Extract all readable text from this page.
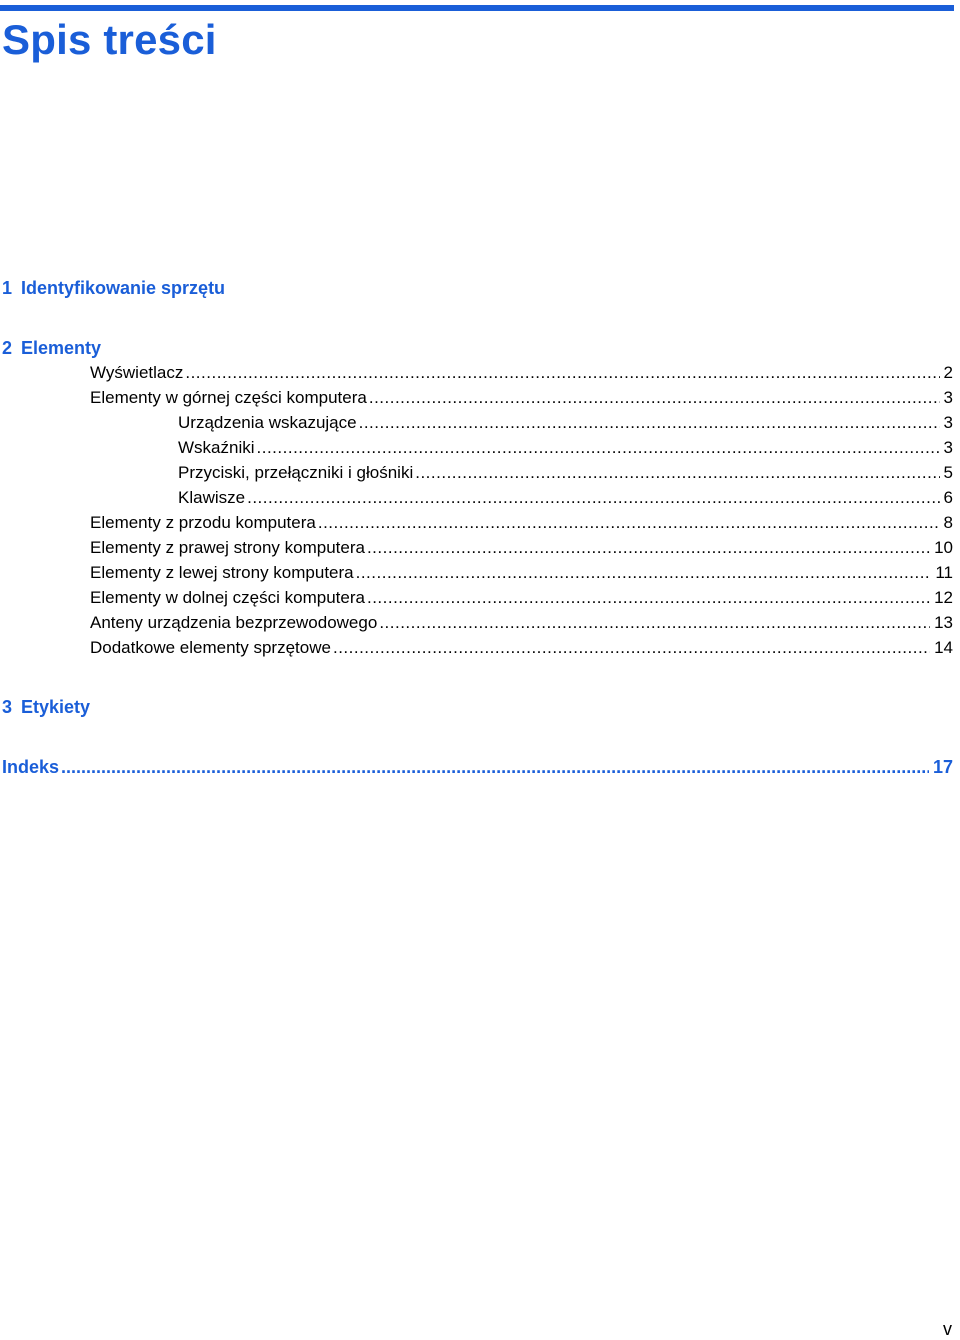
Spis treści
1 Identyfikowanie sprzętu
2 Elementy
Wyświetlacz .....	2
Elementy w górnej części komputera .....	3
Urządzenia wskazujące .....	3
Wskaźniki .....	3
Przyciski, przełączniki i głośniki .....	5
Klawisze .....	6
Elementy z przodu komputera .....	8
Elementy z prawej strony komputera .....	10
Elementy z lewej strony komputera .....	11
Elementy w dolnej części komputera .....	12
Anteny urządzenia bezprzewodowego .....	13
Dodatkowe elementy sprzętowe .....	14
3 Etykiety
Indeks .....	17
v
